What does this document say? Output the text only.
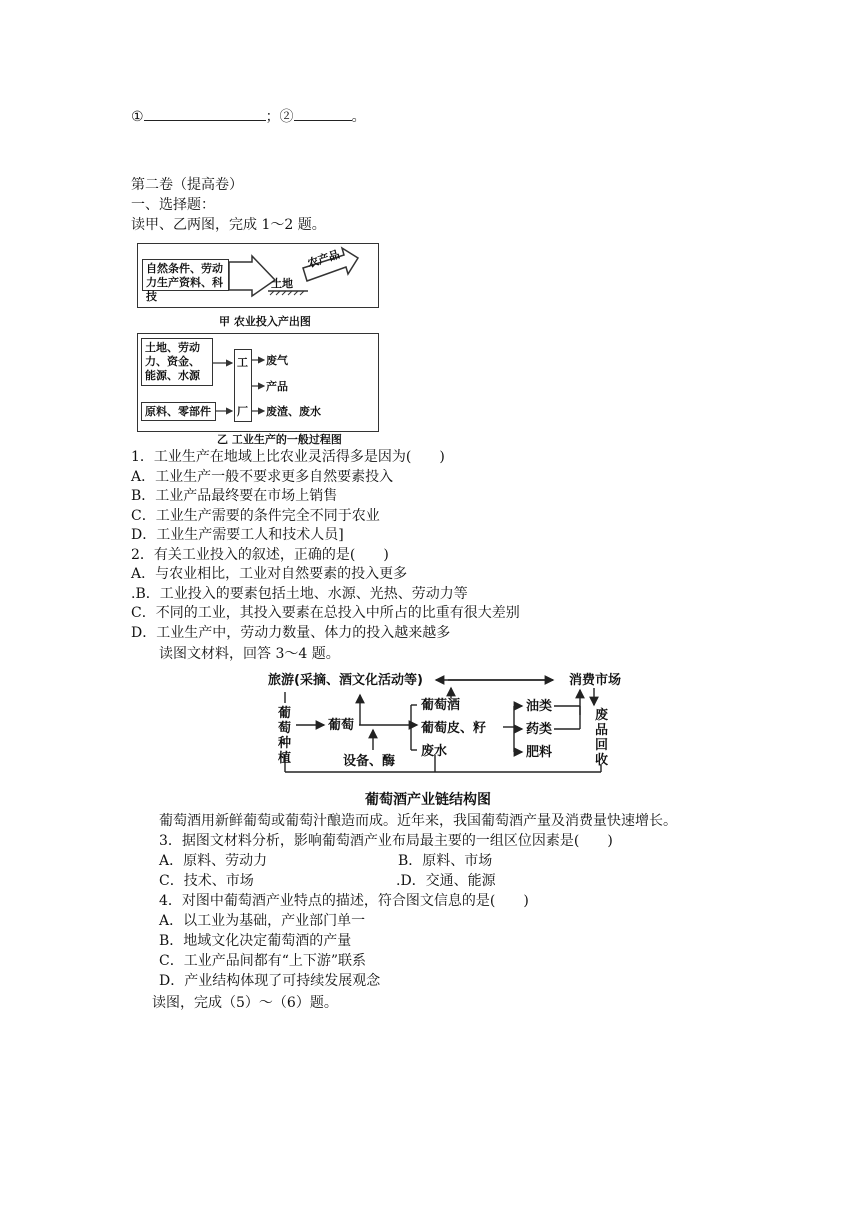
①	；②	。
第二卷（提高卷）
一、选择题：
读甲、乙两图，完成 1～2 题。
自然条件、劳动力生产资料、科技
土地
农产品
甲 农业投入产出图
土地、劳动力、资金、能源、水源
原料、零部件
工
厂
废气
产品
废渣、废水
乙 工业生产的一般过程图
1．工业生产在地域上比农业灵活得多是因为(　　)
A．工业生产一般不要求更多自然要素投入
B．工业产品最终要在市场上销售
C．工业生产需要的条件完全不同于农业
D．工业生产需要工人和技术人员]
2．有关工业投入的叙述，正确的是(　　)
A．与农业相比，工业对自然要素的投入更多
.B．工业投入的要素包括土地、水源、光热、劳动力等
C．不同的工业，其投入要素在总投入中所占的比重有很大差别
D．工业生产中，劳动力数量、体力的投入越来越多
读图文材料，回答 3～4 题。
旅游(采摘、酒文化活动等)	消费市场
葡萄种植
葡萄
设备、酶
葡萄酒
葡萄皮、籽
废水
油类
药类
肥料
废品回收
葡萄酒产业链结构图
葡萄酒用新鲜葡萄或葡萄汁酿造而成。近年来，我国葡萄酒产量及消费量快速增长。
3．据图文材料分析，影响葡萄酒产业布局最主要的一组区位因素是(　　)
A．原料、劳动力	B．原料、市场
C．技术、市场	.D．交通、能源
4．对图中葡萄酒产业特点的描述，符合图文信息的是(　　)
A．以工业为基础，产业部门单一
B．地域文化决定葡萄酒的产量
C．工业产品间都有“上下游”联系
D．产业结构体现了可持续发展观念
读图，完成（5）～（6）题。
